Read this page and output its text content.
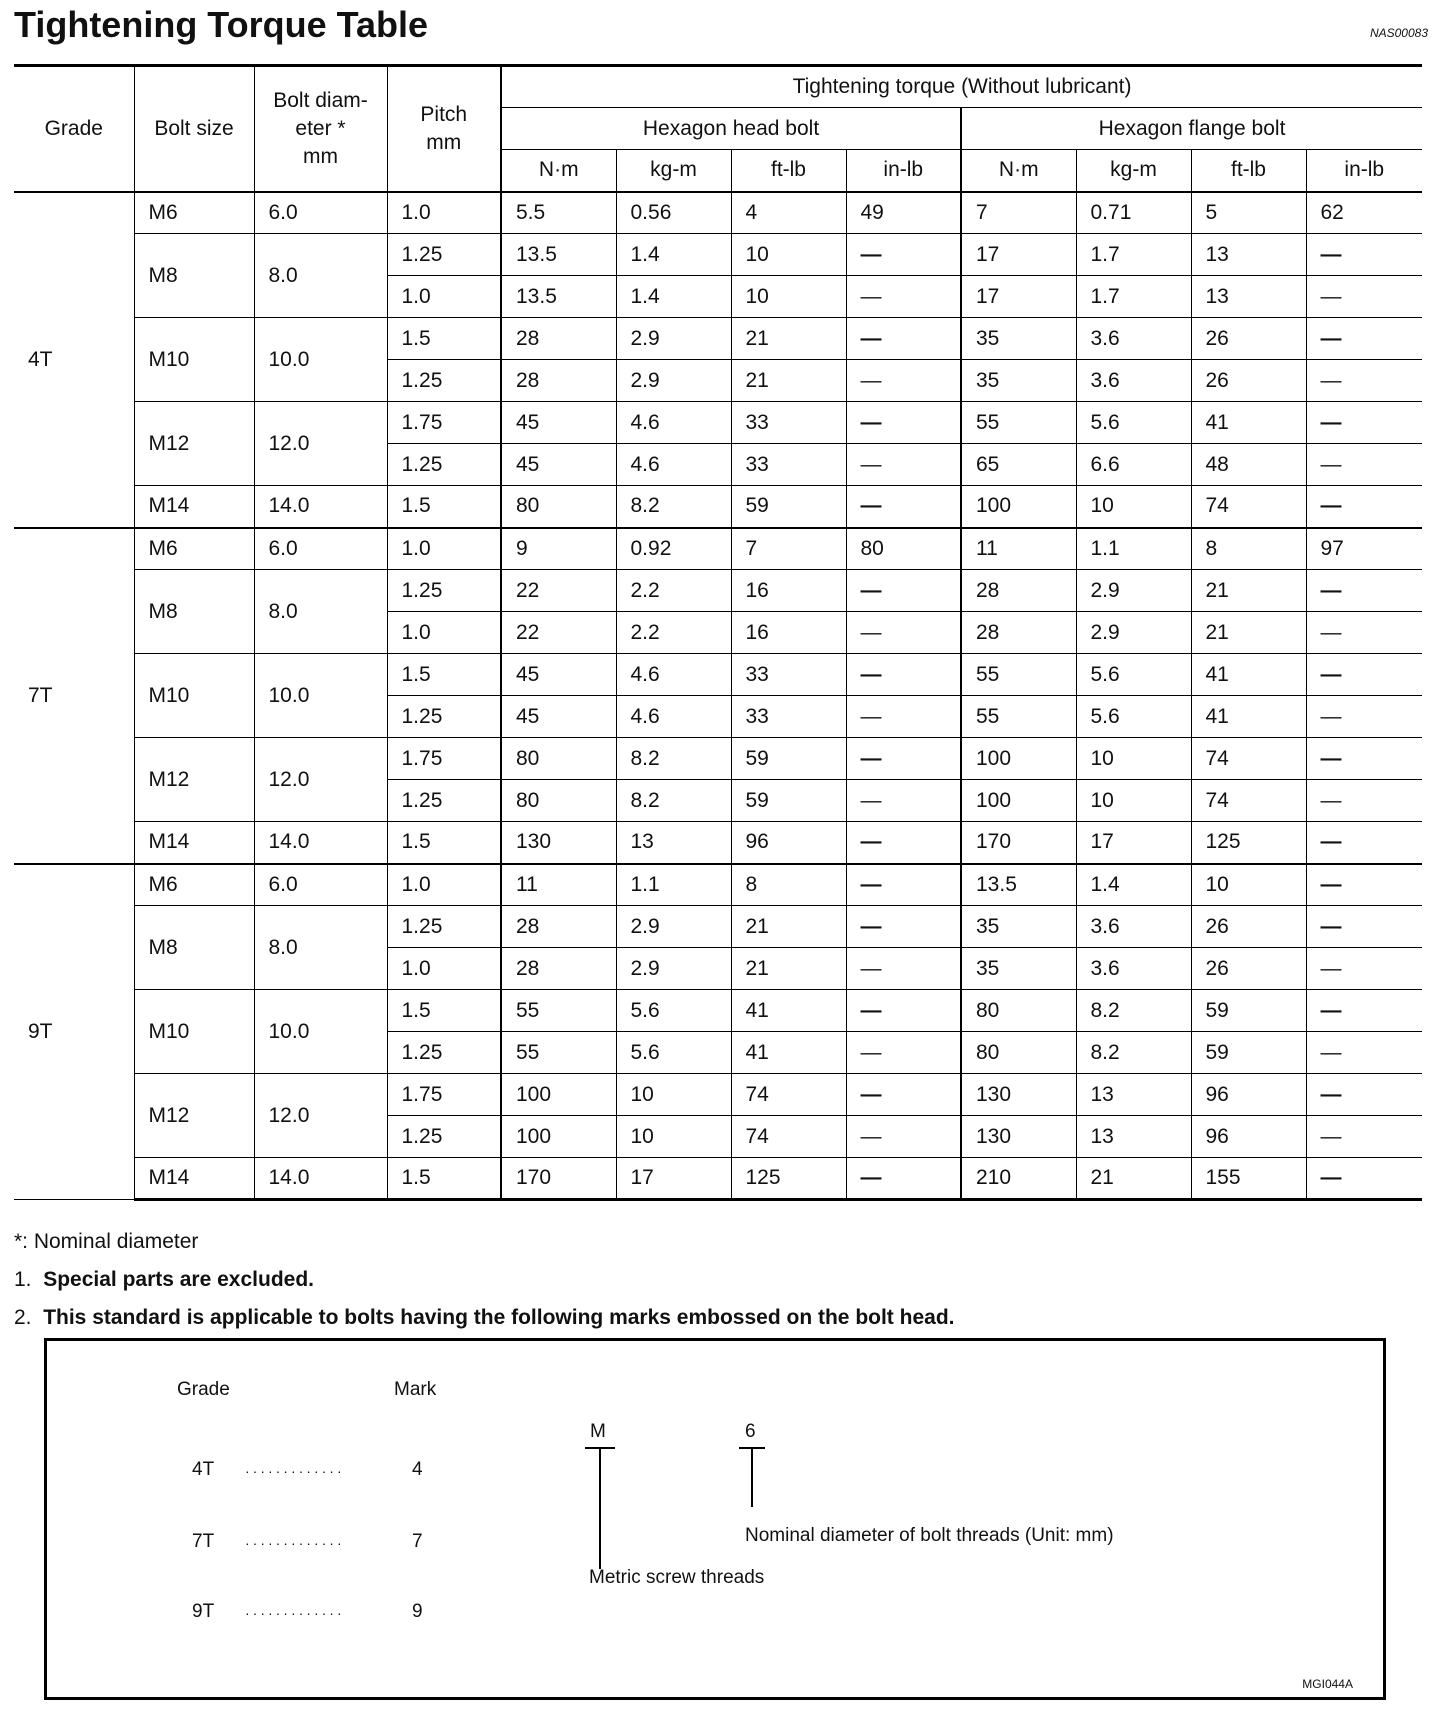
Tightening Torque Table	NAS00083
Grade	Bolt size	Bolt diam-
eter *
mm	Pitch
mm	Tightening torque (Without lubricant)							
				Hexagon head bolt				Hexagon flange bolt			
				N·m	kg-m	ft-lb	in-lb	N·m	kg-m	ft-lb	in-lb
4T	M6	6.0	1.0	5.5	0.56	4	49	7	0.71	5	62
	M8	8.0	1.25	13.5	1.4	10	—	17	1.7	13	—
			1.0	13.5	1.4	10	—	17	1.7	13	—
	M10	10.0	1.5	28	2.9	21	—	35	3.6	26	—
			1.25	28	2.9	21	—	35	3.6	26	—
	M12	12.0	1.75	45	4.6	33	—	55	5.6	41	—
			1.25	45	4.6	33	—	65	6.6	48	—
	M14	14.0	1.5	80	8.2	59	—	100	10	74	—
7T	M6	6.0	1.0	9	0.92	7	80	11	1.1	8	97
	M8	8.0	1.25	22	2.2	16	—	28	2.9	21	—
			1.0	22	2.2	16	—	28	2.9	21	—
	M10	10.0	1.5	45	4.6	33	—	55	5.6	41	—
			1.25	45	4.6	33	—	55	5.6	41	—
	M12	12.0	1.75	80	8.2	59	—	100	10	74	—
			1.25	80	8.2	59	—	100	10	74	—
	M14	14.0	1.5	130	13	96	—	170	17	125	—
9T	M6	6.0	1.0	11	1.1	8	—	13.5	1.4	10	—
	M8	8.0	1.25	28	2.9	21	—	35	3.6	26	—
			1.0	28	2.9	21	—	35	3.6	26	—
	M10	10.0	1.5	55	5.6	41	—	80	8.2	59	—
			1.25	55	5.6	41	—	80	8.2	59	—
	M12	12.0	1.75	100	10	74	—	130	13	96	—
			1.25	100	10	74	—	130	13	96	—
	M14	14.0	1.5	170	17	125	—	210	21	155	—
*: Nominal diameter
1. Special parts are excluded.
2. This standard is applicable to bolts having the following marks embossed on the bolt head.
Grade	Mark
4T ·············	4
7T ·············	7
9T ·············	9
M
Metric screw threads
6
Nominal diameter of bolt threads (Unit: mm)
MGI044A
